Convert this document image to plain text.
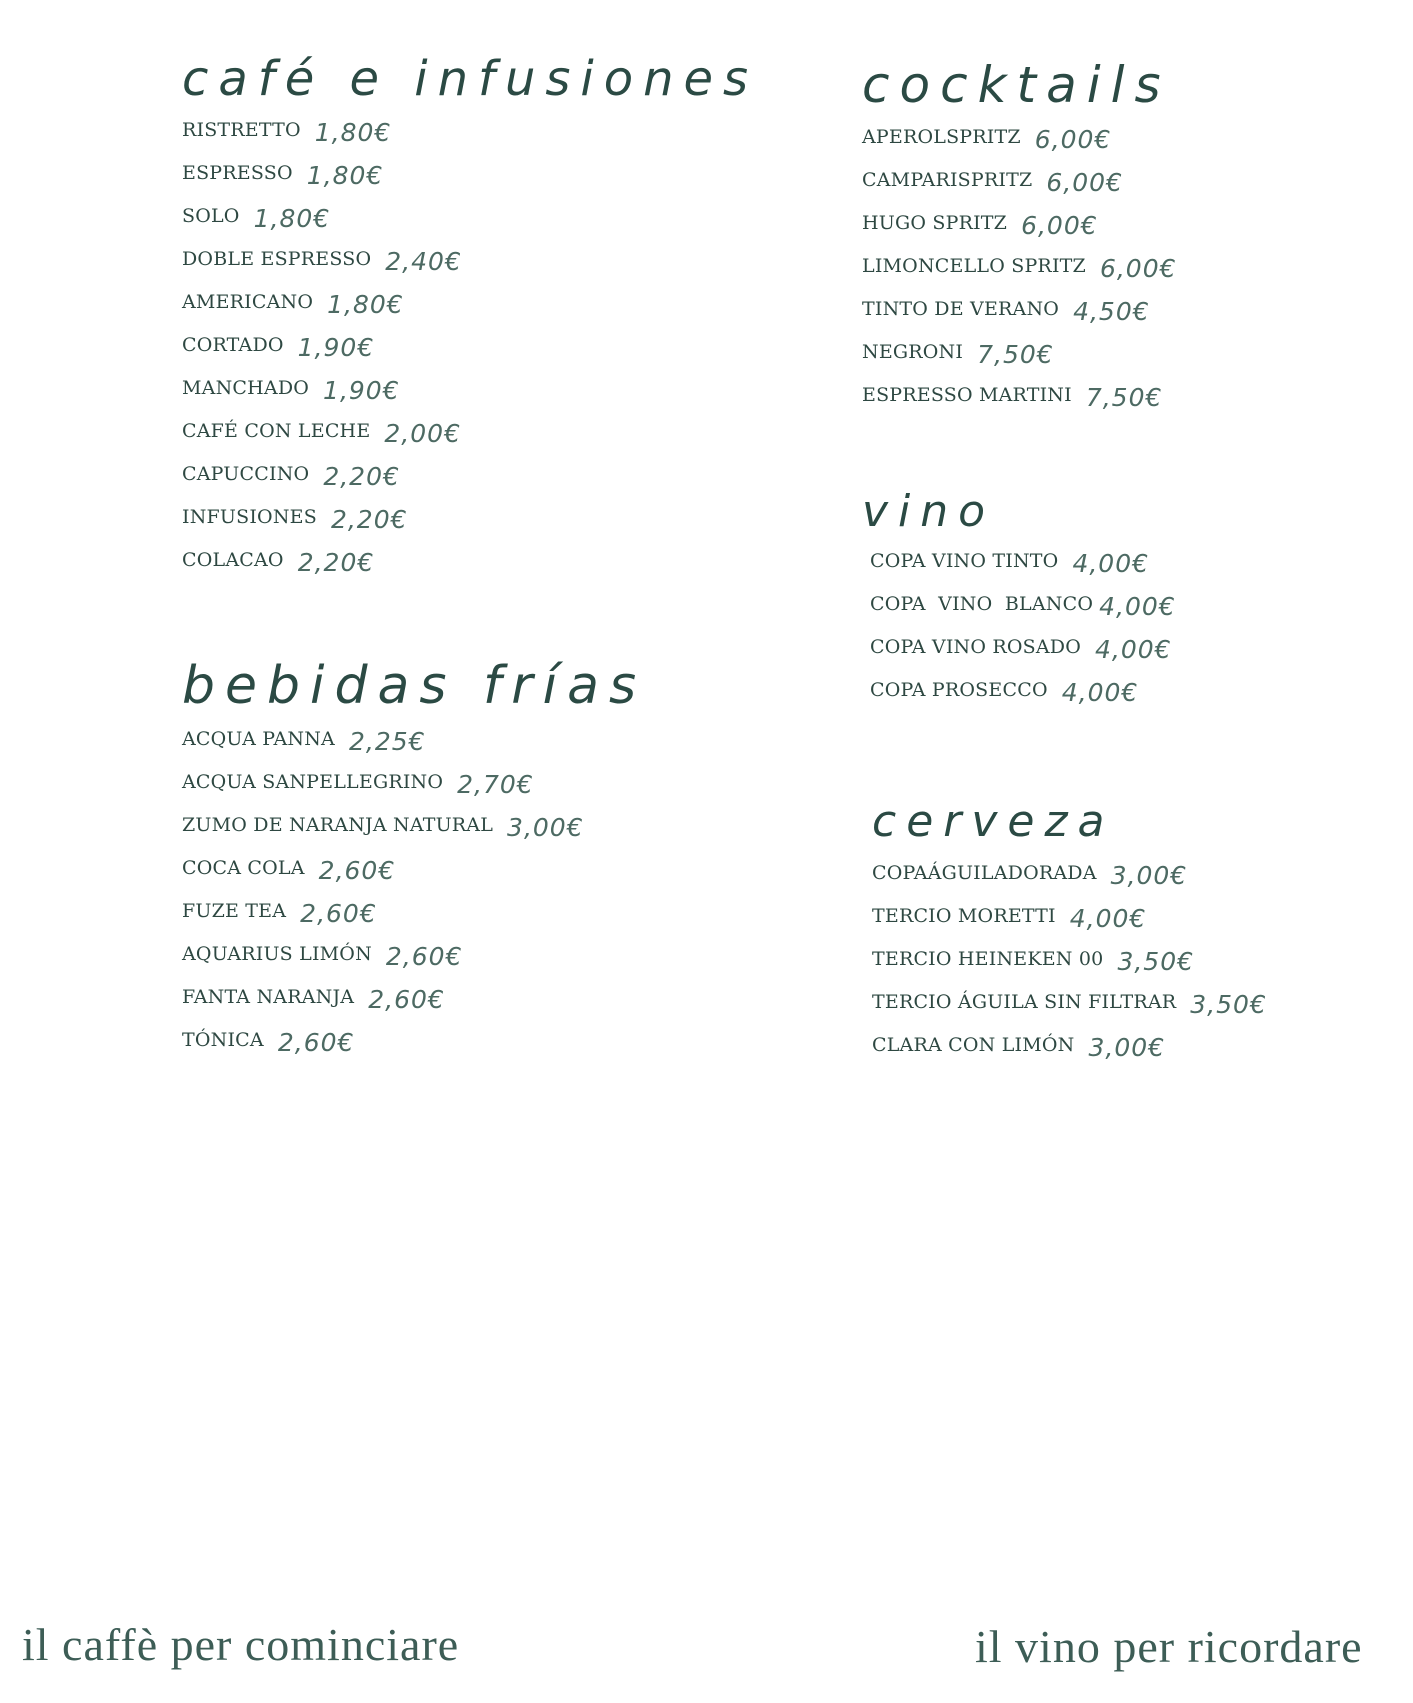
café e infusiones
RISTRETTO 1,80€
ESPRESSO 1,80€
SOLO 1,80€
DOBLE ESPRESSO 2,40€
AMERICANO 1,80€
CORTADO 1,90€
MANCHADO 1,90€
CAFÉ CON LECHE 2,00€
CAPUCCINO 2,20€
INFUSIONES 2,20€
COLACAO 2,20€
bebidas frías
ACQUA PANNA 2,25€
ACQUA SANPELLEGRINO 2,70€
ZUMO DE NARANJA NATURAL 3,00€
COCA COLA 2,60€
FUZE TEA 2,60€
AQUARIUS LIMÓN 2,60€
FANTA NARANJA 2,60€
TÓNICA 2,60€
cocktails
APEROLSPRITZ 6,00€
CAMPARISPRITZ 6,00€
HUGO SPRITZ 6,00€
LIMONCELLO SPRITZ 6,00€
TINTO DE VERANO 4,50€
NEGRONI 7,50€
ESPRESSO MARTINI 7,50€
vino
COPA VINO TINTO 4,00€
COPA  VINO  BLANCO 4,00€
COPA VINO ROSADO 4,00€
COPA PROSECCO 4,00€
cerveza
COPAÁGUILADORADA 3,00€
TERCIO MORETTI 4,00€
TERCIO HEINEKEN 00 3,50€
TERCIO ÁGUILA SIN FILTRAR 3,50€
CLARA CON LIMÓN 3,00€
il caffè per cominciare	il vino per ricordare
